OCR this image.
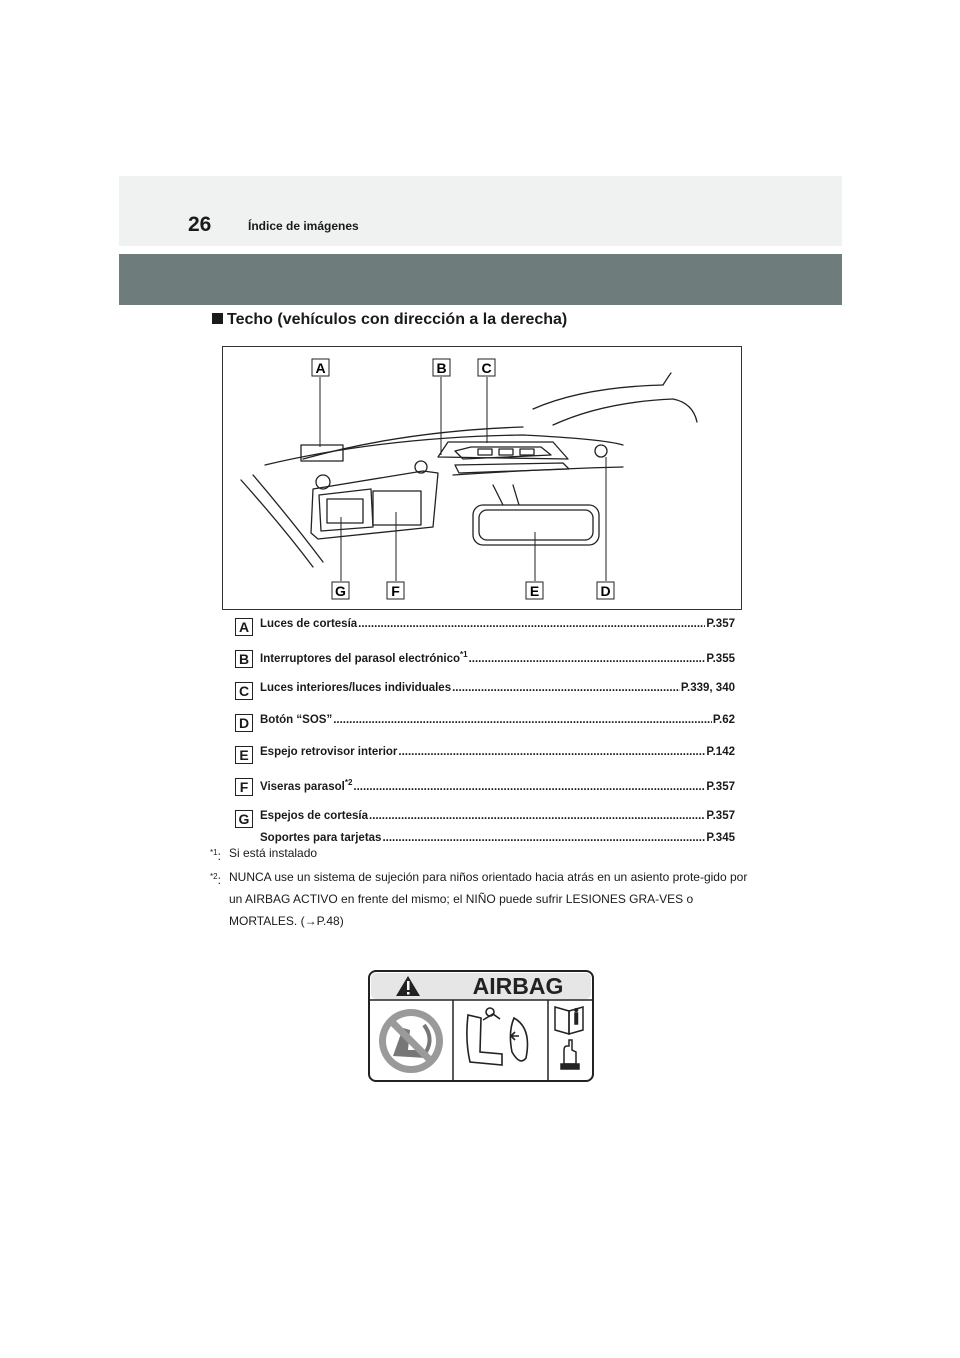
26	Índice de imágenes
Techo (vehículos con dirección a la derecha)
A	B C
D
E
F
G
A Luces de cortesía .....	P.357
B Interruptores del parasol electrónico$^{*1}$ .....	P.355
C Luces interiores/luces individuales .....	P.339, 340
D Botón “SOS” .....	P.62
E Espejo retrovisor interior .....	P.142
F	Viseras parasol$^{*2}$ .....	P.357
G Espejos de cortesía .....	P.357
Soportes para tarjetas .....	P.345
$^{*1}$: Si está instalado
$^{*2}$: NUNCA use un sistema de sujeción para niños orientado hacia atrás en un asiento prote-gido por un AIRBAG ACTIVO en frente del mismo; el NIÑO puede sufrir LESIONES GRA-VES o MORTALES. (→P.48)
AIRBAG
